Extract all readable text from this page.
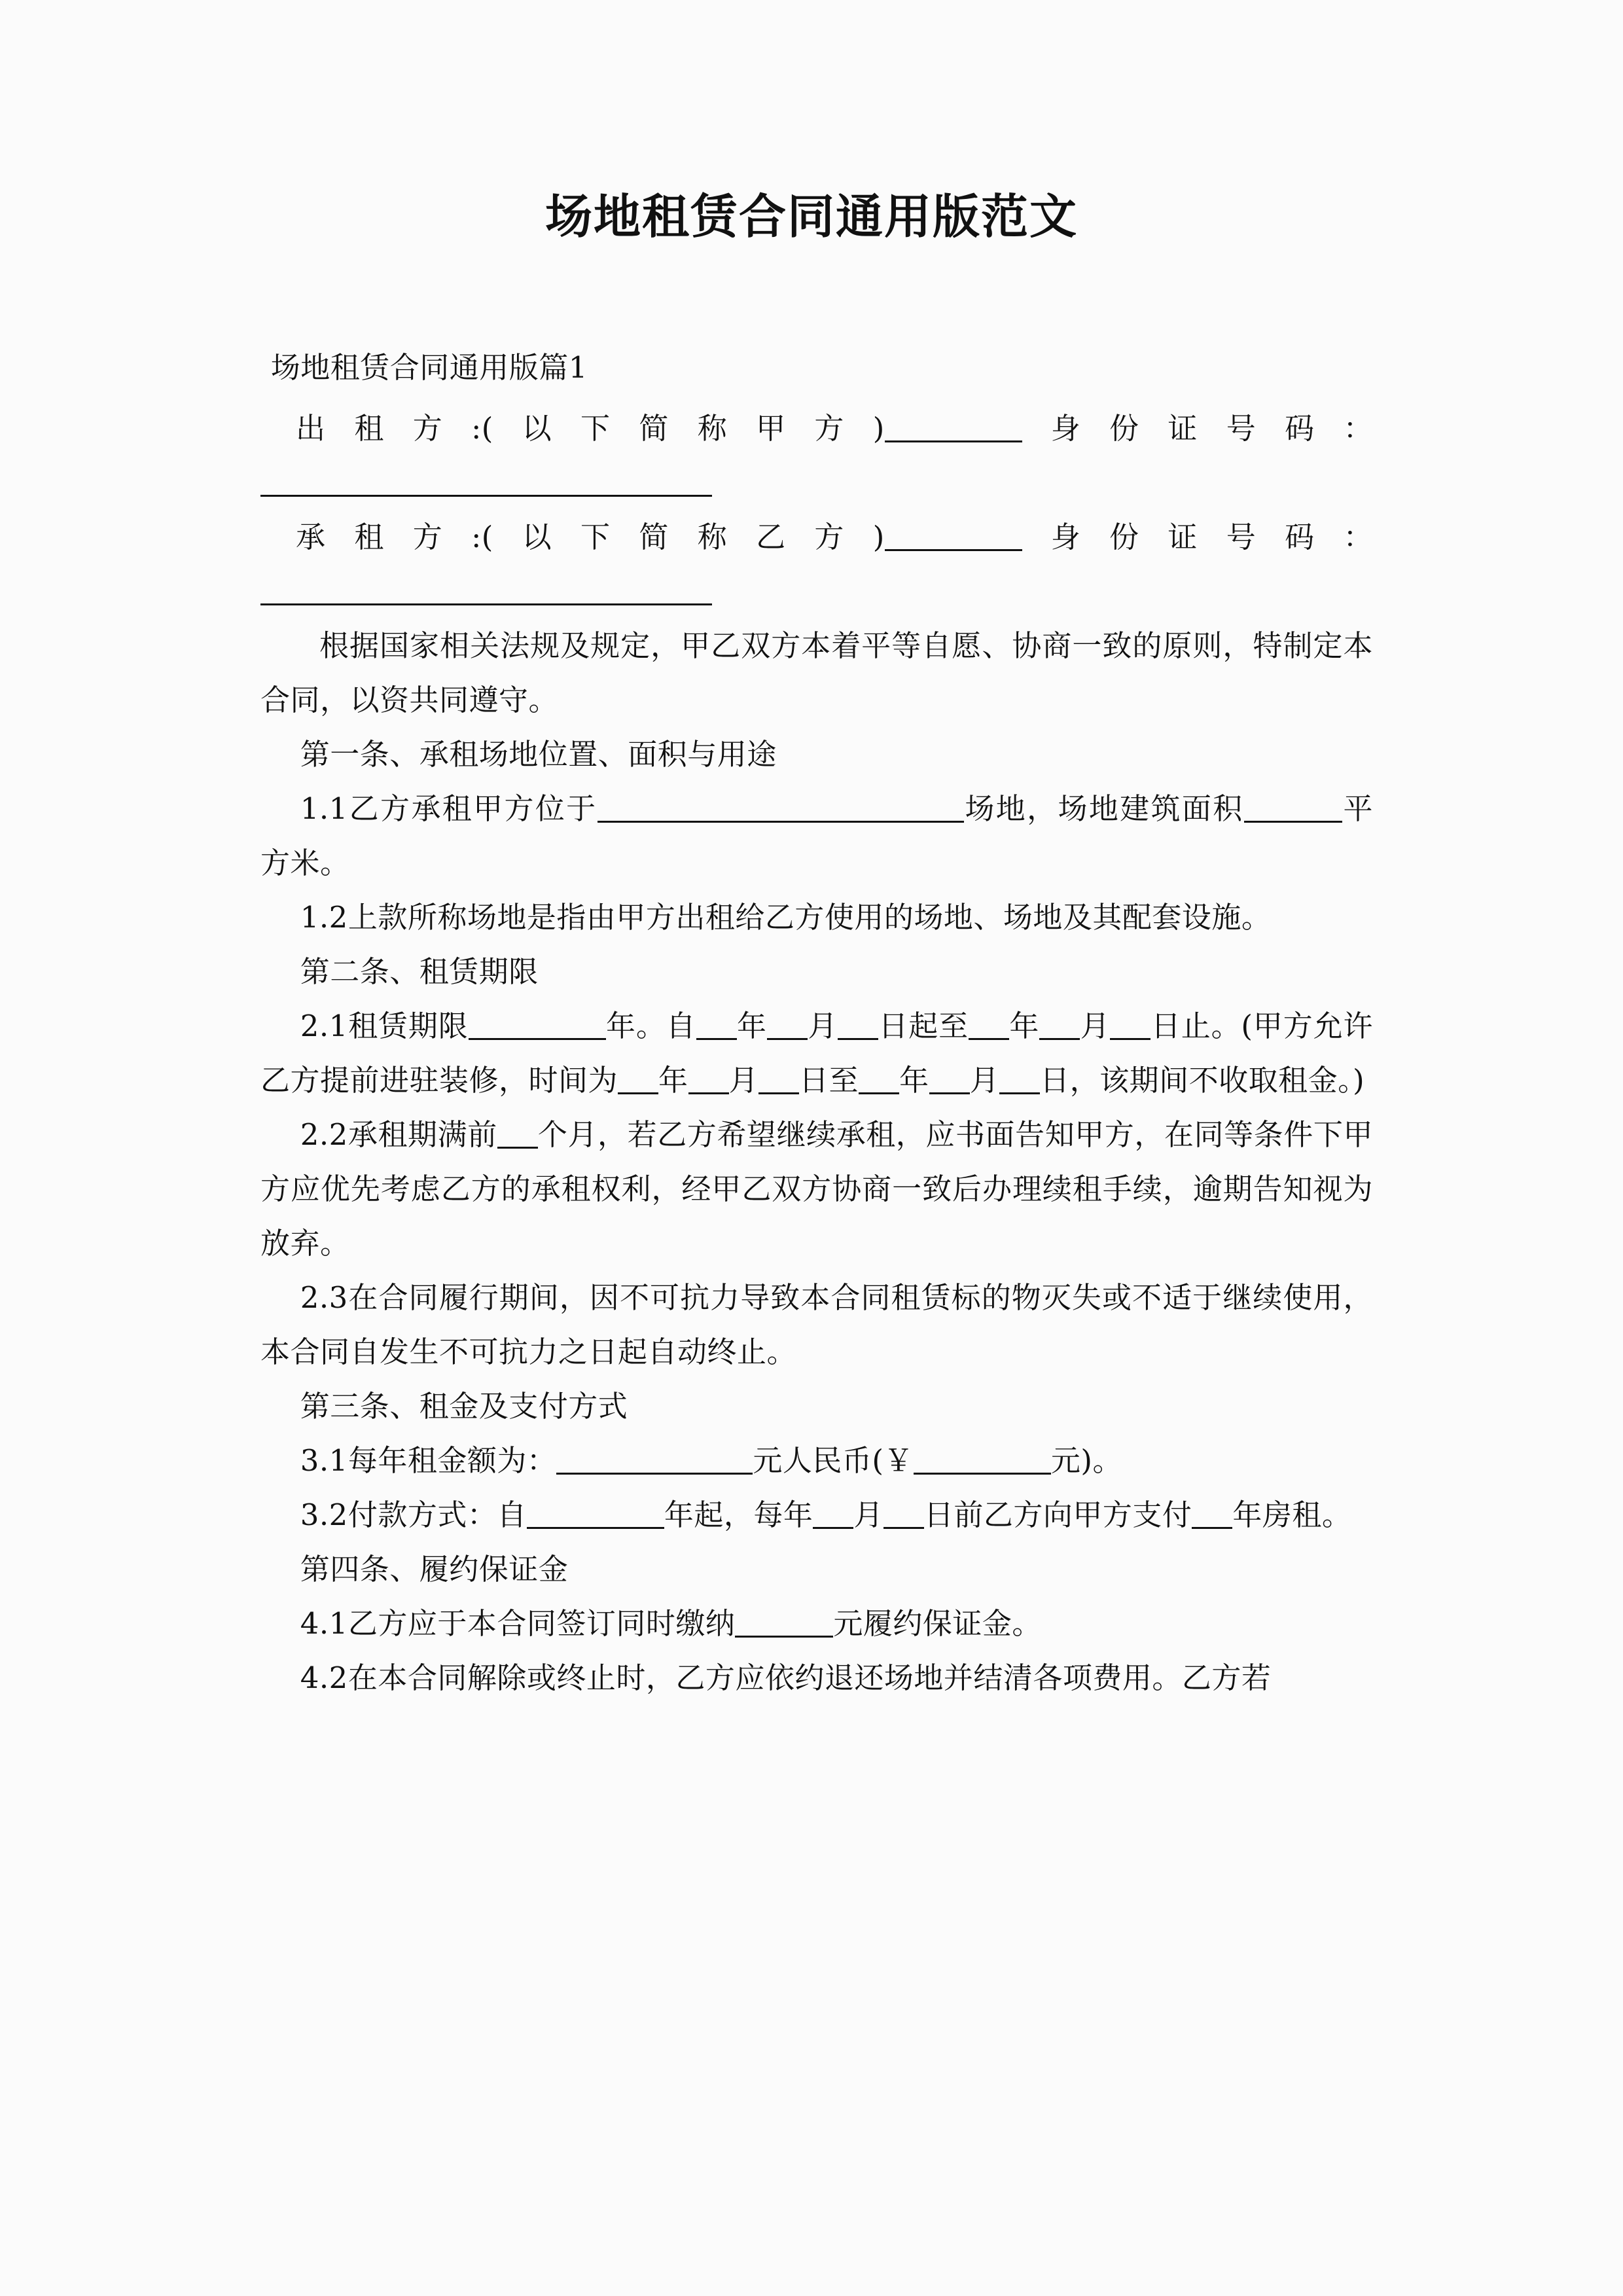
场地租赁合同通用版范文

场地租赁合同通用版篇1

出租方:(以下简称甲方)	身份证号码：

承租方:(以下简称乙方)	身份证号码：

根据国家相关法规及规定，甲乙双方本着平等自愿、协商一致的原则，特制定本合同，以资共同遵守。

第一条、承租场地位置、面积与用途

1.1乙方承租甲方位于	场地，场地建筑面积	平方米。

1.2上款所称场地是指由甲方出租给乙方使用的场地、场地及其配套设施。

第二条、租赁期限

2.1租赁期限	年。自 年 月 日起至 年 月 日止。(甲方允许乙方提前进驻装修，时间为 年 月 日至 年 月 日，该期间不收取租金。)

2.2承租期满前 个月，若乙方希望继续承租，应书面告知甲方，在同等条件下甲方应优先考虑乙方的承租权利，经甲乙双方协商一致后办理续租手续，逾期告知视为放弃。

2.3在合同履行期间，因不可抗力导致本合同租赁标的物灭失或不适于继续使用，本合同自发生不可抗力之日起自动终止。

第三条、租金及支付方式

3.1每年租金额为：	元人民币(￥	元)。

3.2付款方式：自	年起，每年 月 日前乙方向甲方支付 年房租。

第四条、履约保证金

4.1乙方应于本合同签订同时缴纳	元履约保证金。

4.2在本合同解除或终止时，乙方应依约退还场地并结清各项费用。乙方若
